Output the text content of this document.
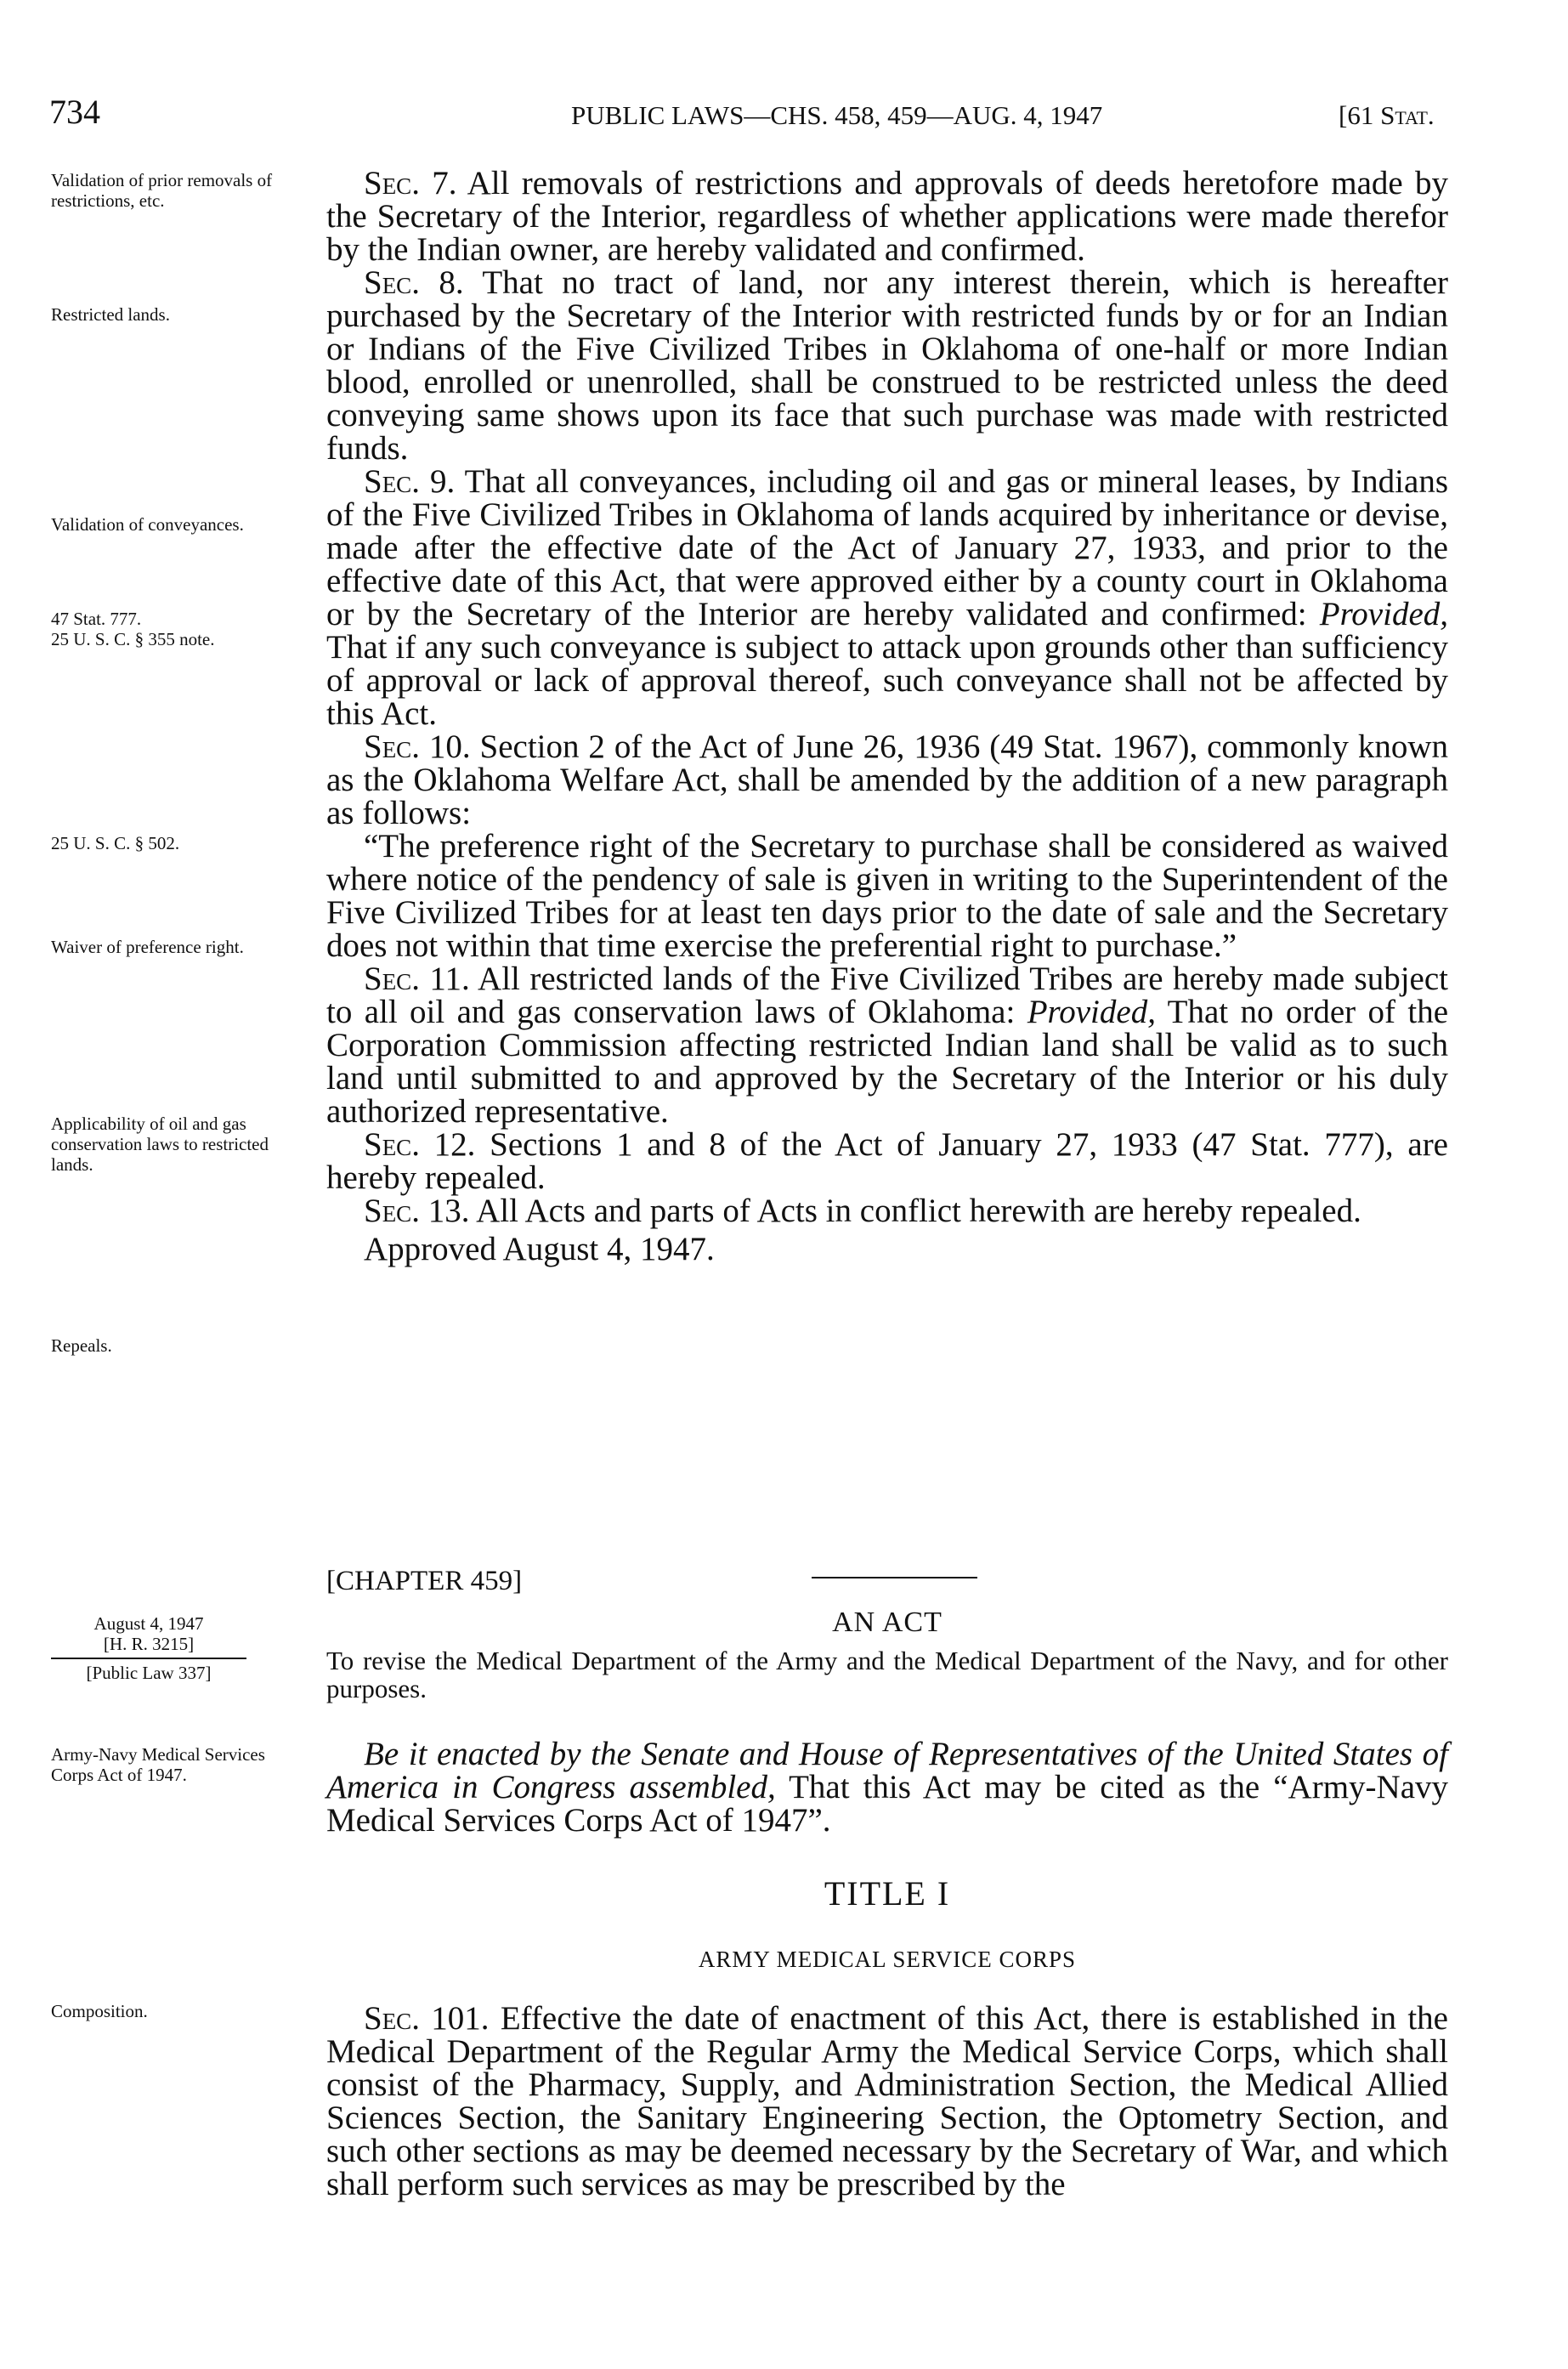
734	PUBLIC LAWS—CHS. 458, 459—AUG. 4, 1947	[61 Stat.
Validation of prior removals of restrictions, etc.
Restricted lands.
Validation of conveyances.
47 Stat. 777.
25 U. S. C. § 355 note.
25 U. S. C. § 502.
Waiver of preference right.
Applicability of oil and gas conservation laws to restricted lands.
Repeals.
August 4, 1947
[H. R. 3215]
[Public Law 337]
Army-Navy Medical Services Corps Act of 1947.
Composition.

Sec. 7. All removals of restrictions and approvals of deeds heretofore made by the Secretary of the Interior, regardless of whether applications were made therefor by the Indian owner, are hereby validated and confirmed.

Sec. 8. That no tract of land, nor any interest therein, which is hereafter purchased by the Secretary of the Interior with restricted funds by or for an Indian or Indians of the Five Civilized Tribes in Oklahoma of one-half or more Indian blood, enrolled or unenrolled, shall be construed to be restricted unless the deed conveying same shows upon its face that such purchase was made with restricted funds.

Sec. 9. That all conveyances, including oil and gas or mineral leases, by Indians of the Five Civilized Tribes in Oklahoma of lands acquired by inheritance or devise, made after the effective date of the Act of January 27, 1933, and prior to the effective date of this Act, that were approved either by a county court in Oklahoma or by the Secretary of the Interior are hereby validated and confirmed: Provided, That if any such conveyance is subject to attack upon grounds other than sufficiency of approval or lack of approval thereof, such conveyance shall not be affected by this Act.

Sec. 10. Section 2 of the Act of June 26, 1936 (49 Stat. 1967), commonly known as the Oklahoma Welfare Act, shall be amended by the addition of a new paragraph as follows:

“The preference right of the Secretary to purchase shall be considered as waived where notice of the pendency of sale is given in writing to the Superintendent of the Five Civilized Tribes for at least ten days prior to the date of sale and the Secretary does not within that time exercise the preferential right to purchase.”

Sec. 11. All restricted lands of the Five Civilized Tribes are hereby made subject to all oil and gas conservation laws of Oklahoma: Provided, That no order of the Corporation Commission affecting restricted Indian land shall be valid as to such land until submitted to and approved by the Secretary of the Interior or his duly authorized representative.

Sec. 12. Sections 1 and 8 of the Act of January 27, 1933 (47 Stat. 777), are hereby repealed.

Sec. 13. All Acts and parts of Acts in conflict herewith are hereby repealed.

Approved August 4, 1947.

[CHAPTER 459]
AN ACT
To revise the Medical Department of the Army and the Medical Department of the Navy, and for other purposes.

Be it enacted by the Senate and House of Representatives of the United States of America in Congress assembled, That this Act may be cited as the “Army-Navy Medical Services Corps Act of 1947”.

TITLE I
ARMY MEDICAL SERVICE CORPS

Sec. 101. Effective the date of enactment of this Act, there is established in the Medical Department of the Regular Army the Medical Service Corps, which shall consist of the Pharmacy, Supply, and Administration Section, the Medical Allied Sciences Section, the Sanitary Engineering Section, the Optometry Section, and such other sections as may be deemed necessary by the Secretary of War, and which shall perform such services as may be prescribed by the
